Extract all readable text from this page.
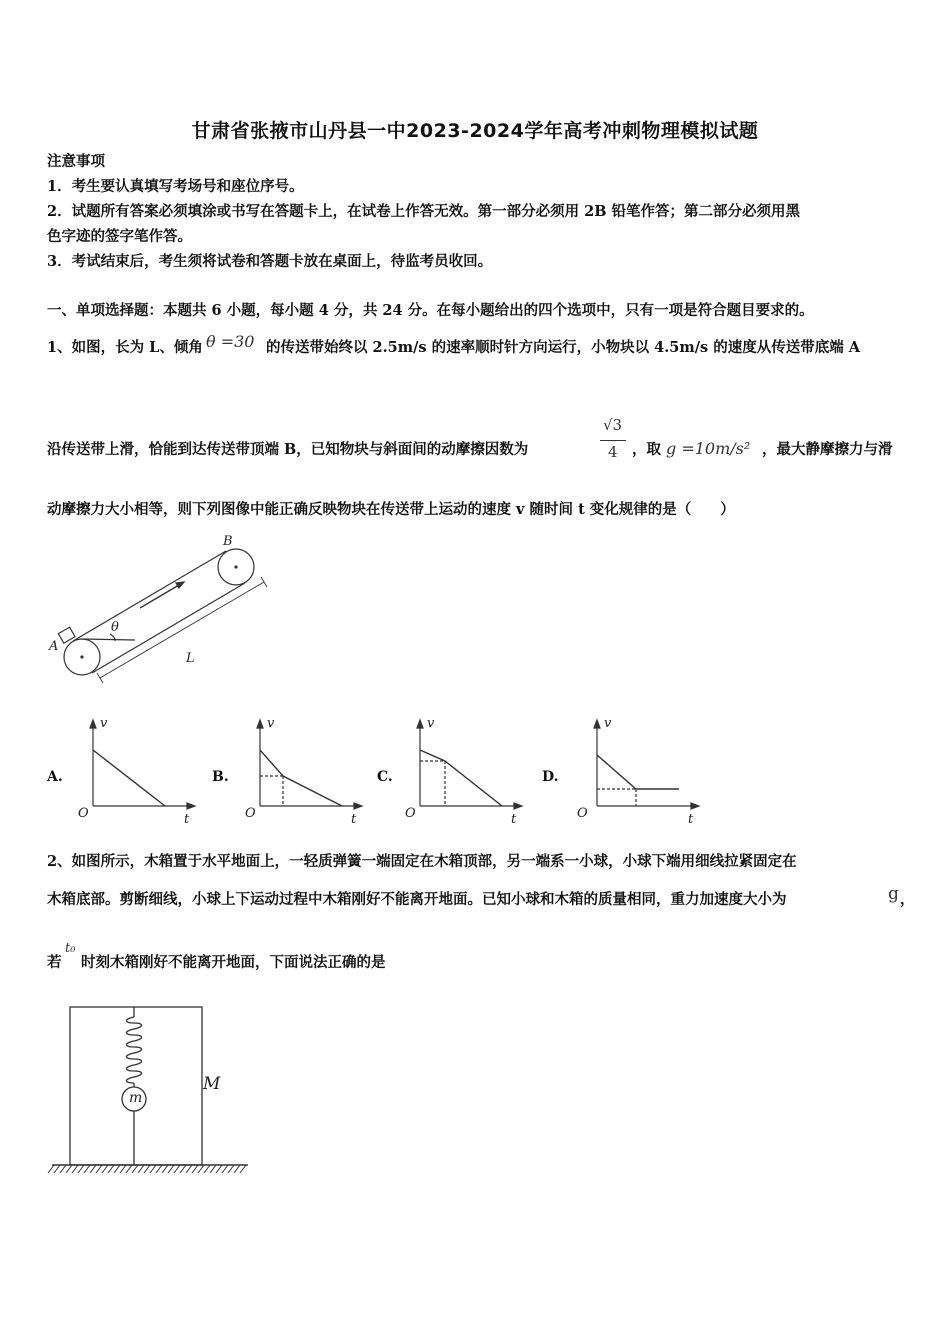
甘肃省张掖市山丹县一中2023-2024学年高考冲刺物理模拟试题
注意事项
1．考生要认真填写考场号和座位序号。
2．试题所有答案必须填涂或书写在答题卡上，在试卷上作答无效。第一部分必须用 2B 铅笔作答；第二部分必须用黑
色字迹的签字笔作答。
3．考试结束后，考生须将试卷和答题卡放在桌面上，待监考员收回。
一、单项选择题：本题共 6 小题，每小题 4 分，共 24 分。在每小题给出的四个选项中，只有一项是符合题目要求的。
1、如图，长为 L、倾角 θ =30 的传送带始终以 2.5m/s 的速率顺时针方向运行，小物块以 4.5m/s 的速度从传送带底端 A
沿传送带上滑，恰能到达传送带顶端 B，已知物块与斜面间的动摩擦因数为
√3
4 ，取 g =10m/s² ，最大静摩擦力与滑
动摩擦力大小相等，则下列图像中能正确反映物块在传送带上运动的速度 v 随时间 t 变化规律的是（　　）
A
B
θ
L
A.	B.	C.	D.
v
t
O
v
t
O
v
t
O
v
t
O
2、如图所示，木箱置于水平地面上，一轻质弹簧一端固定在木箱顶部，另一端系一小球，小球下端用细线拉紧固定在
木箱底部。剪断细线，小球上下运动过程中木箱刚好不能离开地面。已知小球和木箱的质量相同，重力加速度大小为	g ，
若
t₀
时刻木箱刚好不能离开地面，下面说法正确的是
m
M
